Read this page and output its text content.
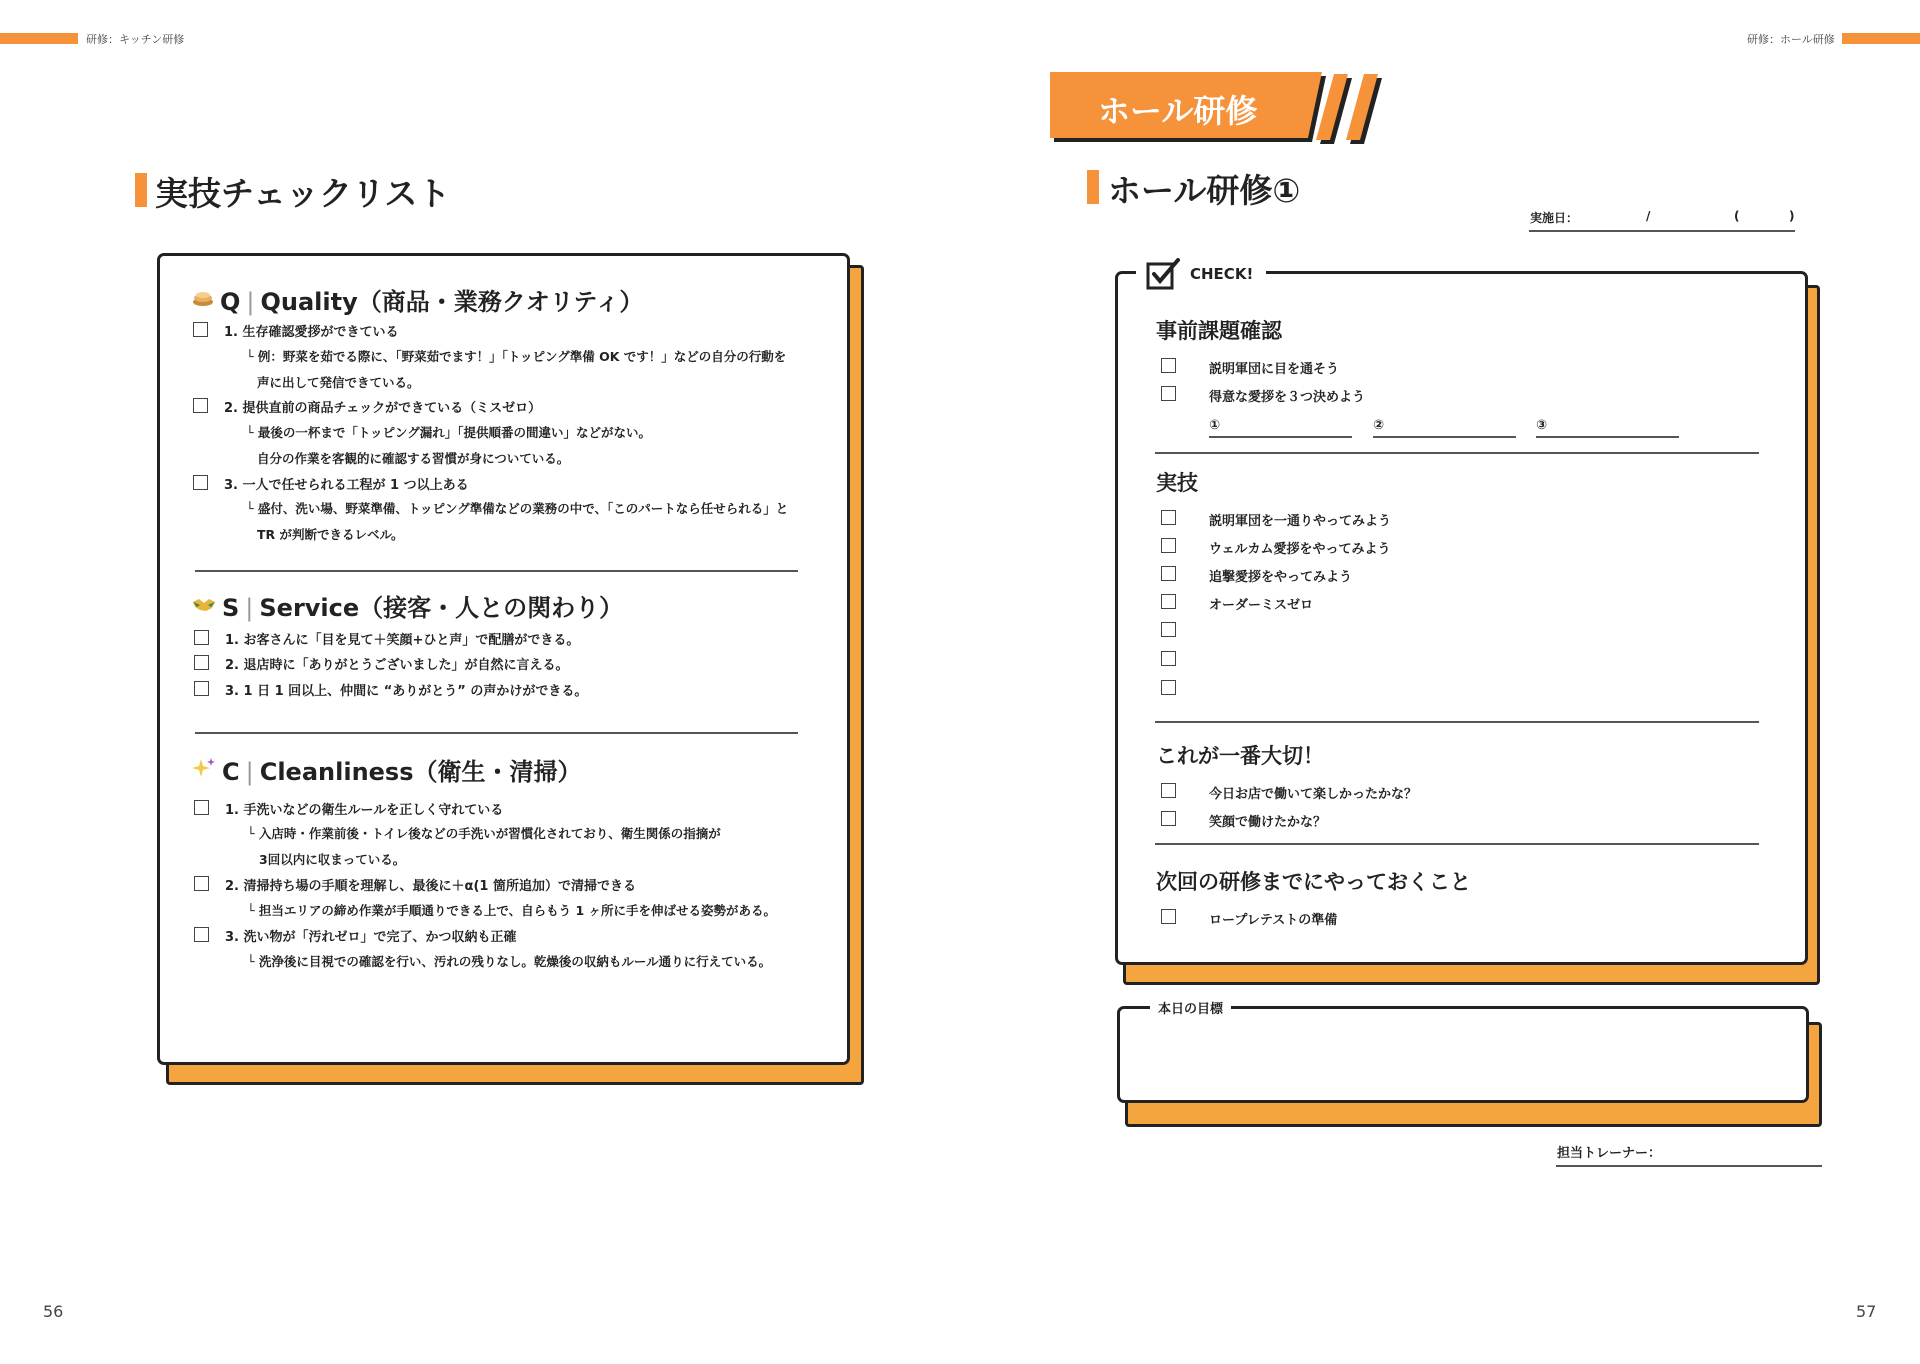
研修：キッチン研修
56
実技チェックリスト
Q | Quality（商品・業務クオリティ）
1. 生存確認愛拶ができている
└ 例：野菜を茹でる際に、「野菜茹でます！」「トッピング準備 OK です！」などの自分の行動を
声に出して発信できている。
2. 提供直前の商品チェックができている（ミスゼロ）
└ 最後の一杯まで「トッピング漏れ」「提供順番の間違い」などがない。
自分の作業を客観的に確認する習慣が身についている。
3. 一人で任せられる工程が 1 つ以上ある
└ 盛付、洗い場、野菜準備、トッピング準備などの業務の中で、「このパートなら任せられる」と
TR が判断できるレベル。
S | Service（接客・人との関わり）
1. お客さんに「目を見て＋笑顔+ひと声」で配膳ができる。
2. 退店時に「ありがとうございました」が自然に言える。
3. 1 日 1 回以上、仲間に “ありがとう” の声かけができる。
C | Cleanliness（衛生・清掃）
1. 手洗いなどの衛生ルールを正しく守れている
└ 入店時・作業前後・トイレ後などの手洗いが習慣化されており、衛生関係の指摘が
3回以内に収まっている。
2. 清掃持ち場の手順を理解し、最後に＋α(1 箇所追加）で清掃できる
└ 担当エリアの締め作業が手順通りできる上で、自らもう 1 ヶ所に手を伸ばせる姿勢がある。
3. 洗い物が「汚れゼロ」で完了、かつ収納も正確
└ 洗浄後に目視での確認を行い、汚れの残りなし。乾燥後の収納もルール通りに行えている。
研修：ホール研修
57
ホール研修
ホール研修①
実施日：	/	(	)
CHECK!
事前課題確認
説明軍団に目を通そう
得意な愛拶を３つ決めよう
①	②	③
実技
説明軍団を一通りやってみよう
ウェルカム愛拶をやってみよう
追撃愛拶をやってみよう
オーダーミスゼロ
これが一番大切！
今日お店で働いて楽しかったかな？
笑顔で働けたかな？
次回の研修までにやっておくこと
ロープレテストの準備
本日の目標
担当トレーナー：
